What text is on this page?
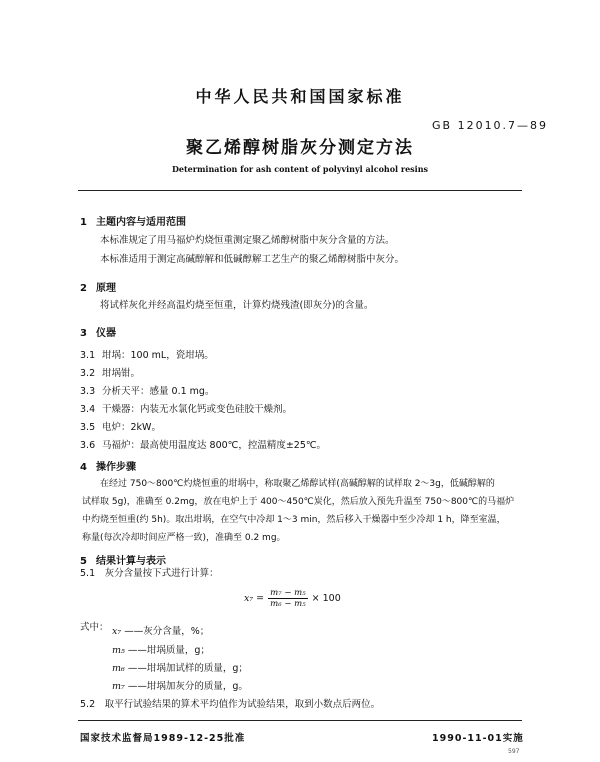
中华人民共和国国家标准
GB 12010.7—89
聚乙烯醇树脂灰分测定方法
Determination for ash content of polyvinyl alcohol resins
1 主题内容与适用范围
本标准规定了用马福炉灼烧恒重测定聚乙烯醇树脂中灰分含量的方法。
本标准适用于测定高碱醇解和低碱醇解工艺生产的聚乙烯醇树脂中灰分。
2 原理
将试样灰化并经高温灼烧至恒重，计算灼烧残渣(即灰分)的含量。
3 仪器
3.1 坩埚：100 mL，瓷坩埚。
3.2 坩埚钳。
3.3 分析天平：感量 0.1 mg。
3.4 干燥器：内装无水氯化钙或变色硅胶干燥剂。
3.5 电炉：2kW。
3.6 马福炉：最高使用温度达 800℃，控温精度±25℃。
4 操作步骤
在经过 750～800℃灼烧恒重的坩埚中，称取聚乙烯醇试样(高碱醇解的试样取 2～3g，低碱醇解的
试样取 5g)，准确至 0.2mg，放在电炉上于 400～450℃炭化，然后放入预先升温至 750～800℃的马福炉
中灼烧至恒重(约 5h)。取出坩埚，在空气中冷却 1～3 min，然后移入干燥器中至少冷却 1 h，降至室温，
称量(每次冷却时间应严格一致)，准确至 0.2 mg。
5 结果计算与表示
5.1　灰分含量按下式进行计算：
$x_7 = \frac{\text{m₇ − m₅}}{\text{m₆ − m₅}} \times 100$
式中： x₇ ——灰分含量，%；
m₅ ——坩埚质量，g；
m₆ ——坩埚加试样的质量，g；
m₇ ——坩埚加灰分的质量，g。
5.2　取平行试验结果的算术平均值作为试验结果，取到小数点后两位。
国家技术监督局1989-12-25批准	1990-11-01实施
597
